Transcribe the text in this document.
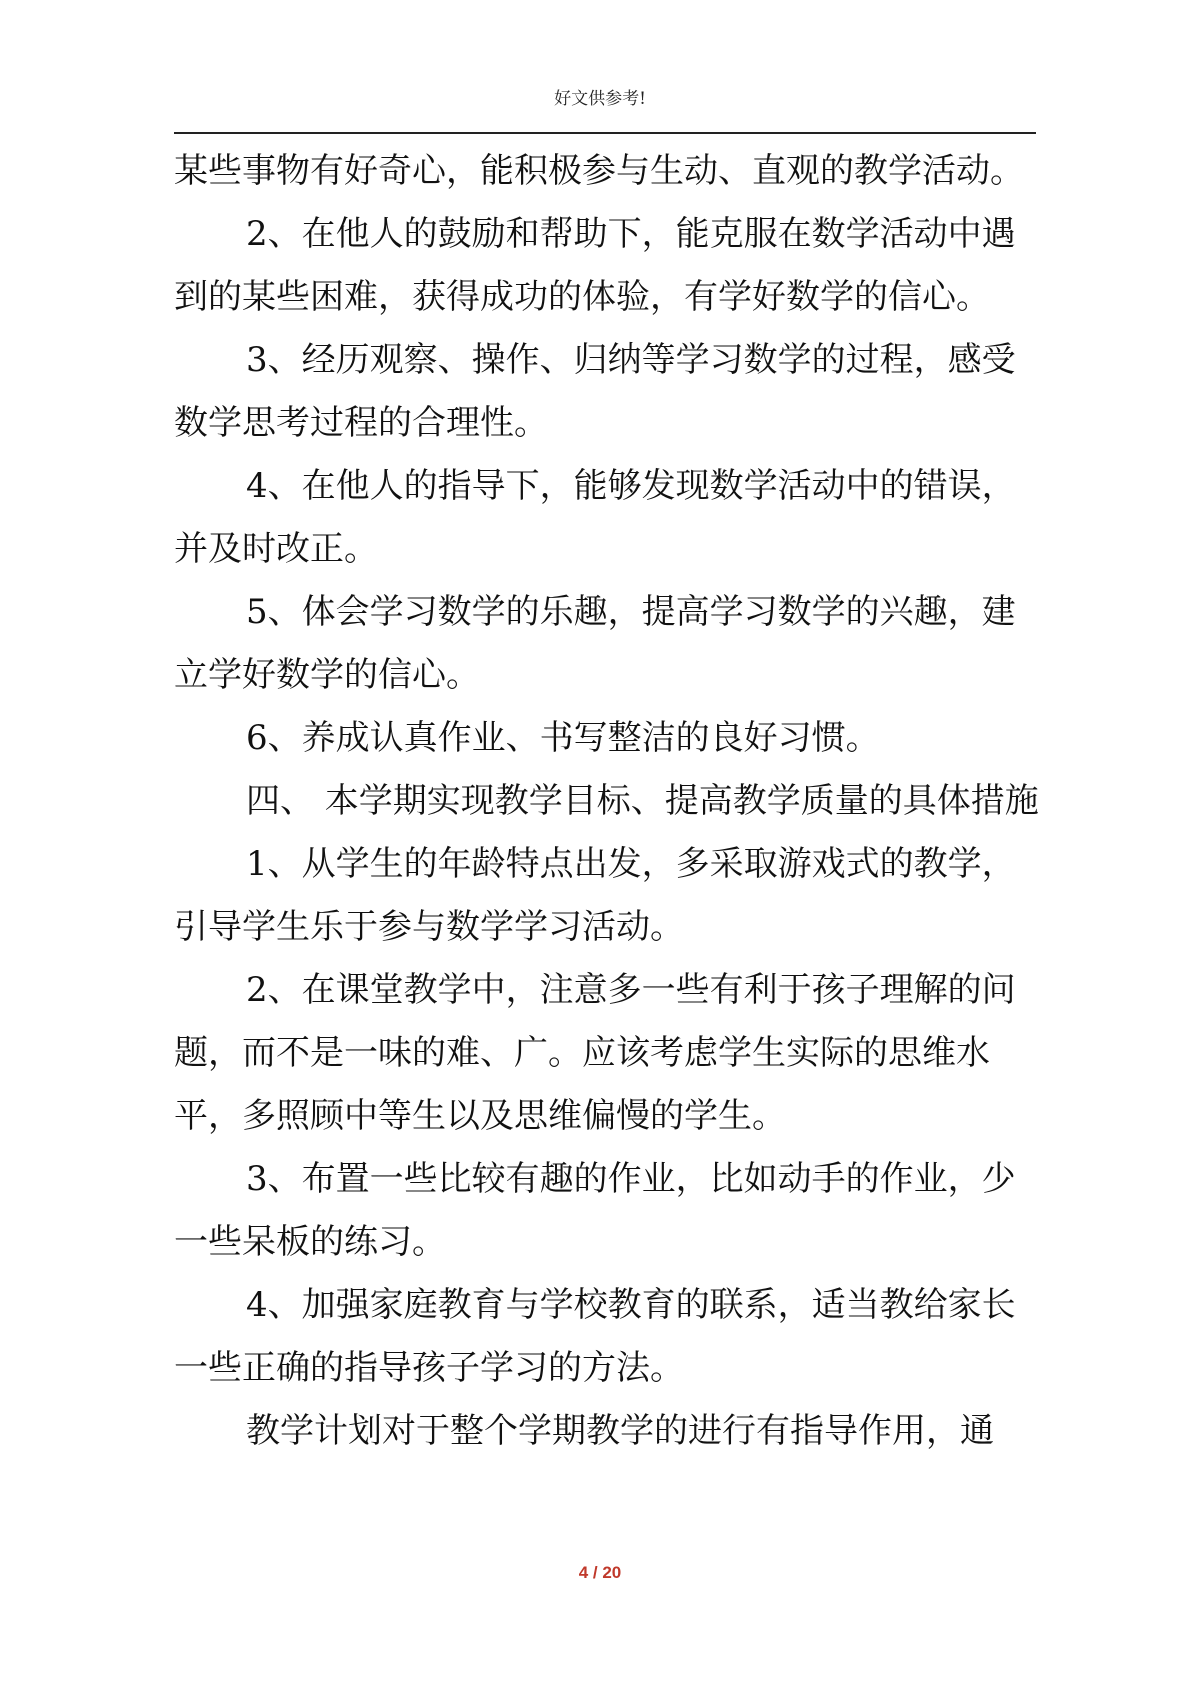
好文供参考!

某些事物有好奇心，能积极参与生动、直观的教学活动。

2、在他人的鼓励和帮助下，能克服在数学活动中遇到的某些困难，获得成功的体验，有学好数学的信心。

3、经历观察、操作、归纳等学习数学的过程，感受数学思考过程的合理性。

4、在他人的指导下，能够发现数学活动中的错误，并及时改正。

5、体会学习数学的乐趣，提高学习数学的兴趣，建立学好数学的信心。

6、养成认真作业、书写整洁的良好习惯。

四、 本学期实现教学目标、提高教学质量的具体措施

1、从学生的年龄特点出发，多采取游戏式的教学，引导学生乐于参与数学学习活动。

2、在课堂教学中，注意多一些有利于孩子理解的问题，而不是一味的难、广。应该考虑学生实际的思维水平，多照顾中等生以及思维偏慢的学生。

3、布置一些比较有趣的作业，比如动手的作业，少一些呆板的练习。

4、加强家庭教育与学校教育的联系，适当教给家长一些正确的指导孩子学习的方法。

教学计划对于整个学期教学的进行有指导作用，通

4 / 20
